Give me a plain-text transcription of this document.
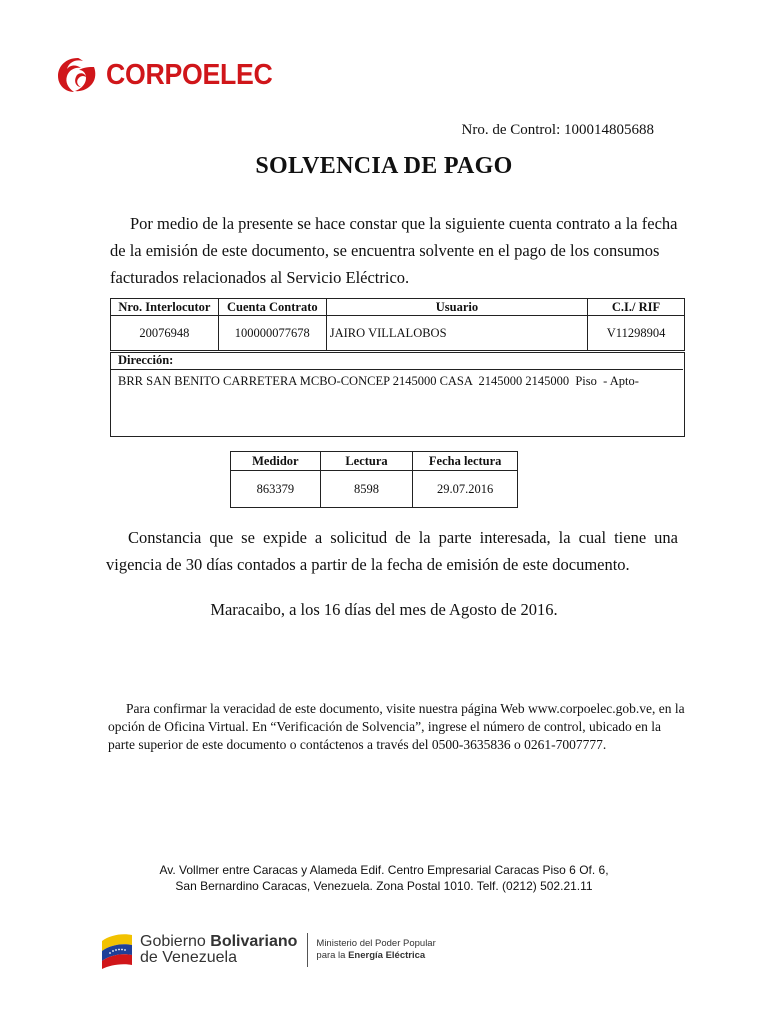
CORPOELEC
Nro. de Control: 100014805688
SOLVENCIA DE PAGO
Por medio de la presente se hace constar que la siguiente cuenta contrato a la fecha de la emisión de este documento, se encuentra solvente en el pago de los consumos facturados relacionados al Servicio Eléctrico.
Nro. Interlocutor	Cuenta Contrato	Usuario	C.I./ RIF
20076948	100000077678	JAIRO VILLALOBOS	V11298904
Dirección:
BRR SAN BENITO CARRETERA MCBO-CONCEP 2145000 CASA  2145000 2145000  Piso  - Apto-
Medidor	Lectura	Fecha lectura
863379	8598	29.07.2016
Constancia que se expide a solicitud de la parte interesada, la cual tiene una vigencia de 30 días contados a partir de la fecha de emisión de este documento.
Maracaibo, a los 16 días del mes de Agosto de 2016.
Para confirmar la veracidad de este documento, visite nuestra página Web www.corpoelec.gob.ve, en la opción de Oficina Virtual. En “Verificación de Solvencia”, ingrese el número de control, ubicado en la parte superior de este documento o contáctenos a través del 0500-3635836 o 0261-7007777.
Av. Vollmer entre Caracas y Alameda Edif. Centro Empresarial Caracas Piso 6 Of. 6,
San Bernardino Caracas, Venezuela. Zona Postal 1010. Telf. (0212) 502.21.11
Gobierno Bolivariano
de Venezuela
Ministerio del Poder Popular
para la Energía Eléctrica
